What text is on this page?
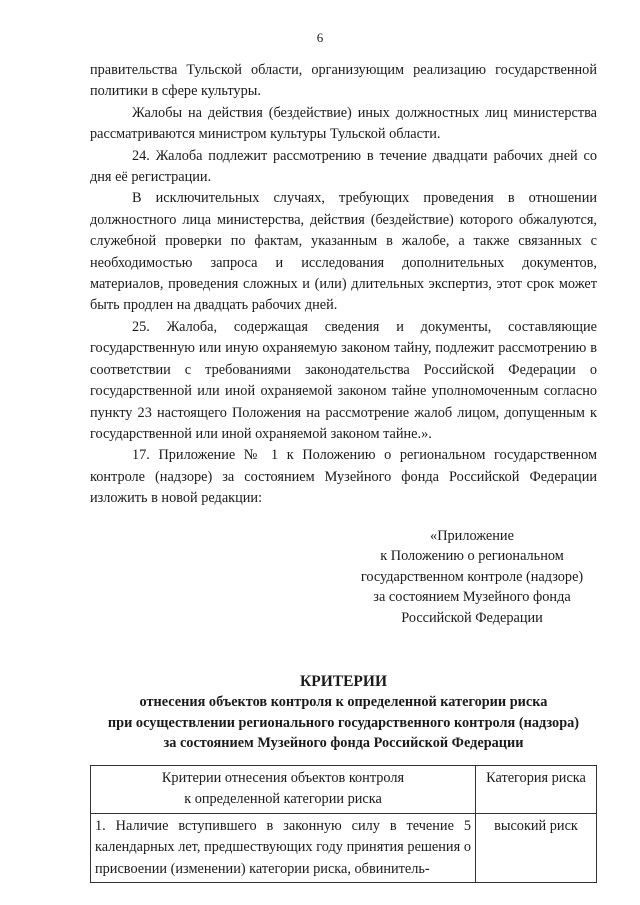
6

правительства Тульской области, организующим реализацию государственной политики в сфере культуры.

Жалобы на действия (бездействие) иных должностных лиц министерства рассматриваются министром культуры Тульской области.

24. Жалоба подлежит рассмотрению в течение двадцати рабочих дней со дня её регистрации.

В исключительных случаях, требующих проведения в отношении должностного лица министерства, действия (бездействие) которого обжалуются, служебной проверки по фактам, указанным в жалобе, а также связанных с необходимостью запроса и исследования дополнительных документов, материалов, проведения сложных и (или) длительных экспертиз, этот срок может быть продлен на двадцать рабочих дней.

25. Жалоба, содержащая сведения и документы, составляющие государственную или иную охраняемую законом тайну, подлежит рассмотрению в соответствии с требованиями законодательства Российской Федерации о государственной или иной охраняемой законом тайне уполномоченным согласно пункту 23 настоящего Положения на рассмотрение жалоб лицом, допущенным к государственной или иной охраняемой законом тайне.».

17. Приложение № 1 к Положению о региональном государственном контроле (надзоре) за состоянием Музейного фонда Российской Федерации изложить в новой редакции:

«Приложение
к Положению о региональном
государственном контроле (надзоре)
за состоянием Музейного фонда
Российской Федерации
КРИТЕРИИ
отнесения объектов контроля к определенной категории риска
при осуществлении регионального государственного контроля (надзора)
за состоянием Музейного фонда Российской Федерации
Критерии отнесения объектов контроля
к определенной категории риска	Категория риска
1. Наличие вступившего в законную силу в течение 5 календарных лет, предшествующих году принятия решения о присвоении (изменении) категории риска, обвинитель-	высокий риск
